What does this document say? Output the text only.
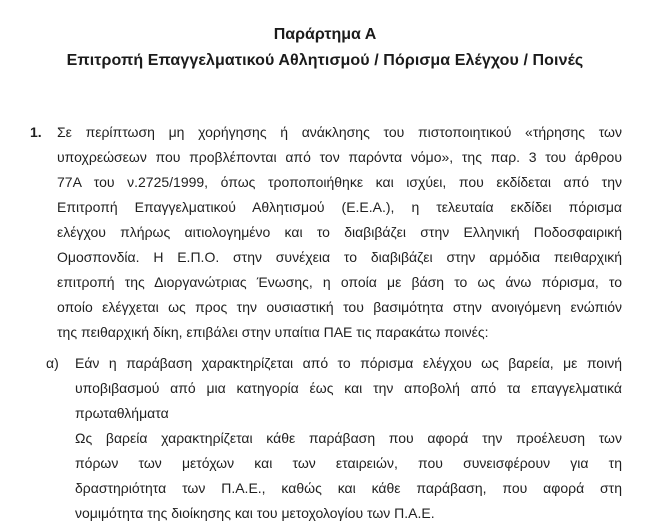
Παράρτημα Α
Επιτροπή Επαγγελματικού Αθλητισμού / Πόρισμα Ελέγχου / Ποινές
1.	Σε περίπτωση μη χορήγησης ή ανάκλησης του πιστοποιητικού «τήρησης των
υποχρεώσεων που προβλέπονται από τον παρόντα νόμο», της παρ. 3 του άρθρου
77Α του ν.2725/1999, όπως τροποποιήθηκε και ισχύει, που εκδίδεται από την
Επιτροπή Επαγγελματικού Αθλητισμού (Ε.Ε.Α.), η τελευταία εκδίδει πόρισμα
ελέγχου πλήρως αιτιολογημένο και το διαβιβάζει στην Ελληνική Ποδοσφαιρική
Ομοσπονδία. Η Ε.Π.Ο. στην συνέχεια το διαβιβάζει στην αρμόδια πειθαρχική
επιτροπή της Διοργανώτριας Ένωσης, η οποία με βάση το ως άνω πόρισμα, το
οποίο ελέγχεται ως προς την ουσιαστική του βασιμότητα στην ανοιγόμενη ενώπιόν
της πειθαρχική δίκη, επιβάλει στην υπαίτια ΠΑΕ τις παρακάτω ποινές:
α)	Εάν η παράβαση χαρακτηρίζεται από το πόρισμα ελέγχου ως βαρεία, με ποινή
υποβιβασμού από μια κατηγορία έως και την αποβολή από τα επαγγελματικά
πρωταθλήματα
Ως βαρεία χαρακτηρίζεται κάθε παράβαση που αφορά την προέλευση των
πόρων των μετόχων και των εταιρειών, που συνεισφέρουν για τη
δραστηριότητα των Π.Α.Ε., καθώς και κάθε παράβαση, που αφορά στη
νομιμότητα της διοίκησης και του μετοχολογίου των Π.Α.Ε.
